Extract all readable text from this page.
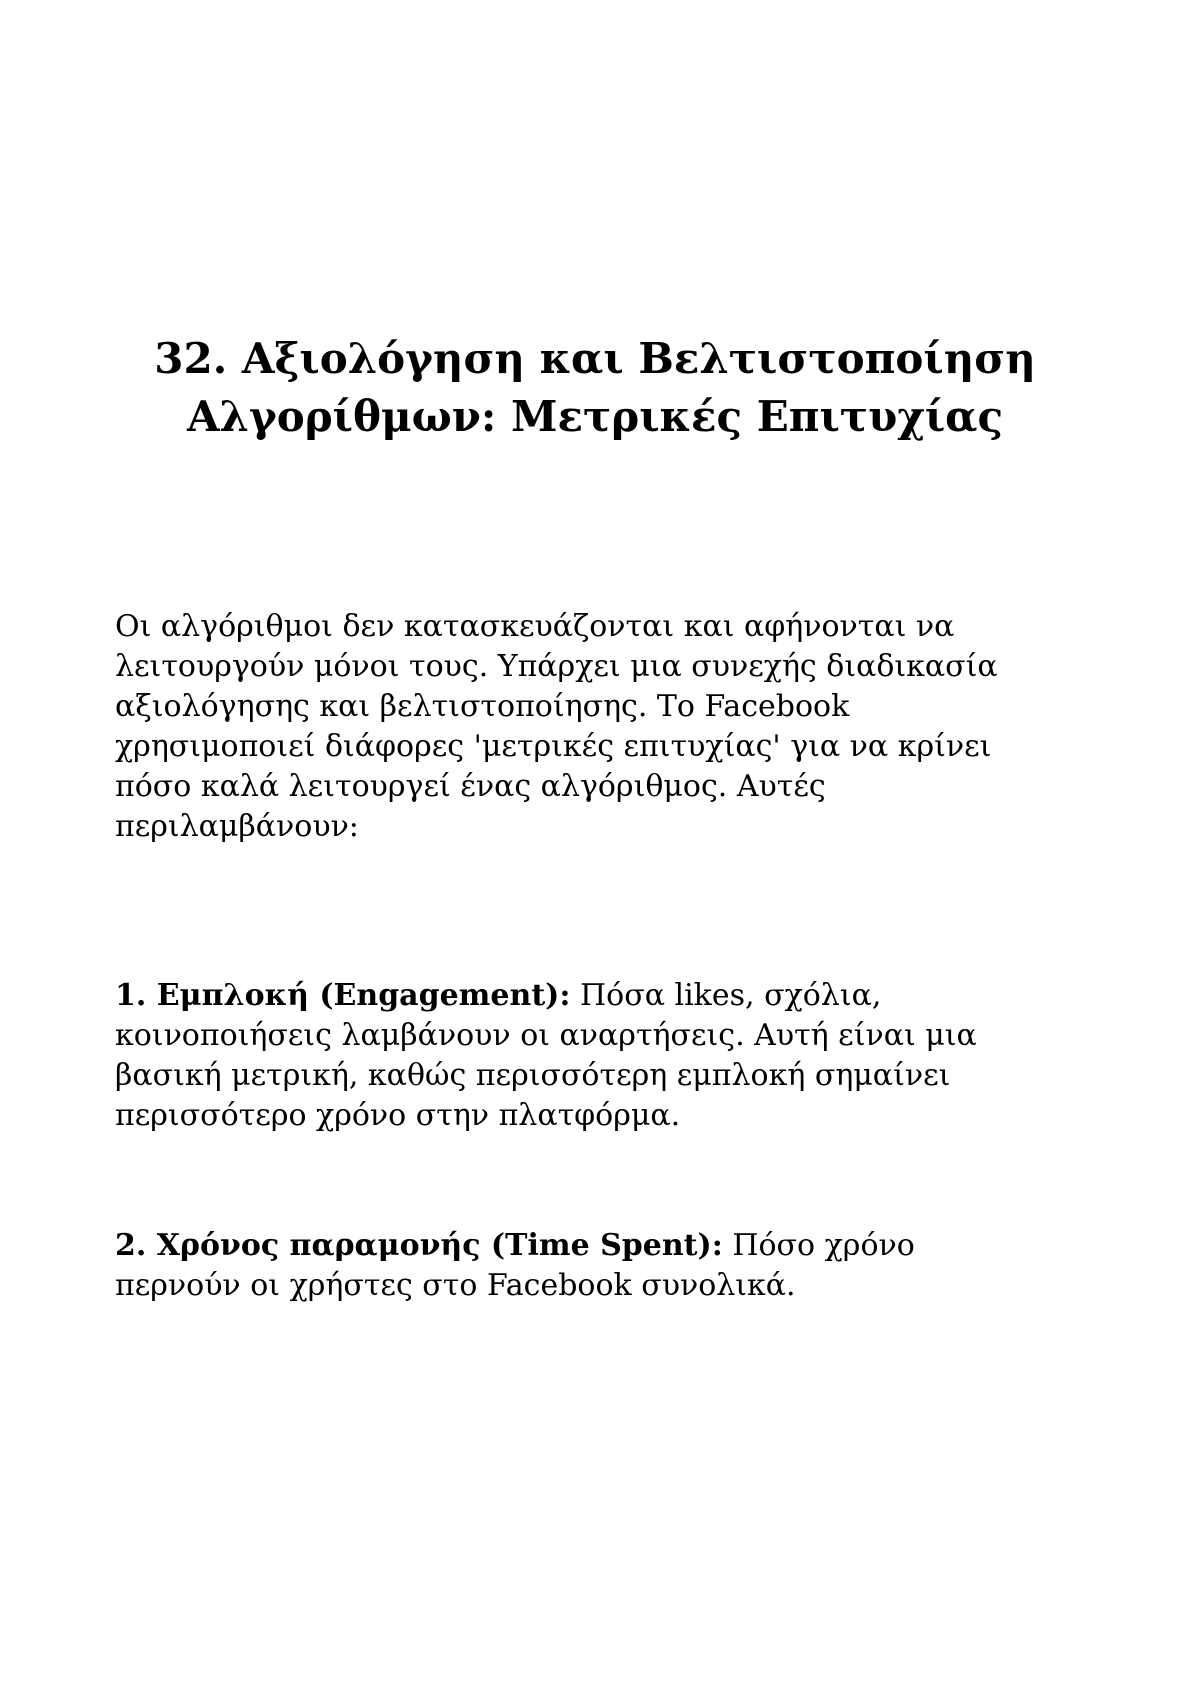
32. Αξιολόγηση και Βελτιστοποίηση
Αλγορίθμων: Μετρικές Επιτυχίας

Οι αλγόριθμοι δεν κατασκευάζονται και αφήνονται να
λειτουργούν μόνοι τους. Υπάρχει μια συνεχής διαδικασία
αξιολόγησης και βελτιστοποίησης. Το Facebook
χρησιμοποιεί διάφορες 'μετρικές επιτυχίας' για να κρίνει
πόσο καλά λειτουργεί ένας αλγόριθμος. Αυτές
περιλαμβάνουν:

1. Εμπλοκή (Engagement): Πόσα likes, σχόλια,
κοινοποιήσεις λαμβάνουν οι αναρτήσεις. Αυτή είναι μια
βασική μετρική, καθώς περισσότερη εμπλοκή σημαίνει
περισσότερο χρόνο στην πλατφόρμα.

2. Χρόνος παραμονής (Time Spent): Πόσο χρόνο
περνούν οι χρήστες στο Facebook συνολικά.
